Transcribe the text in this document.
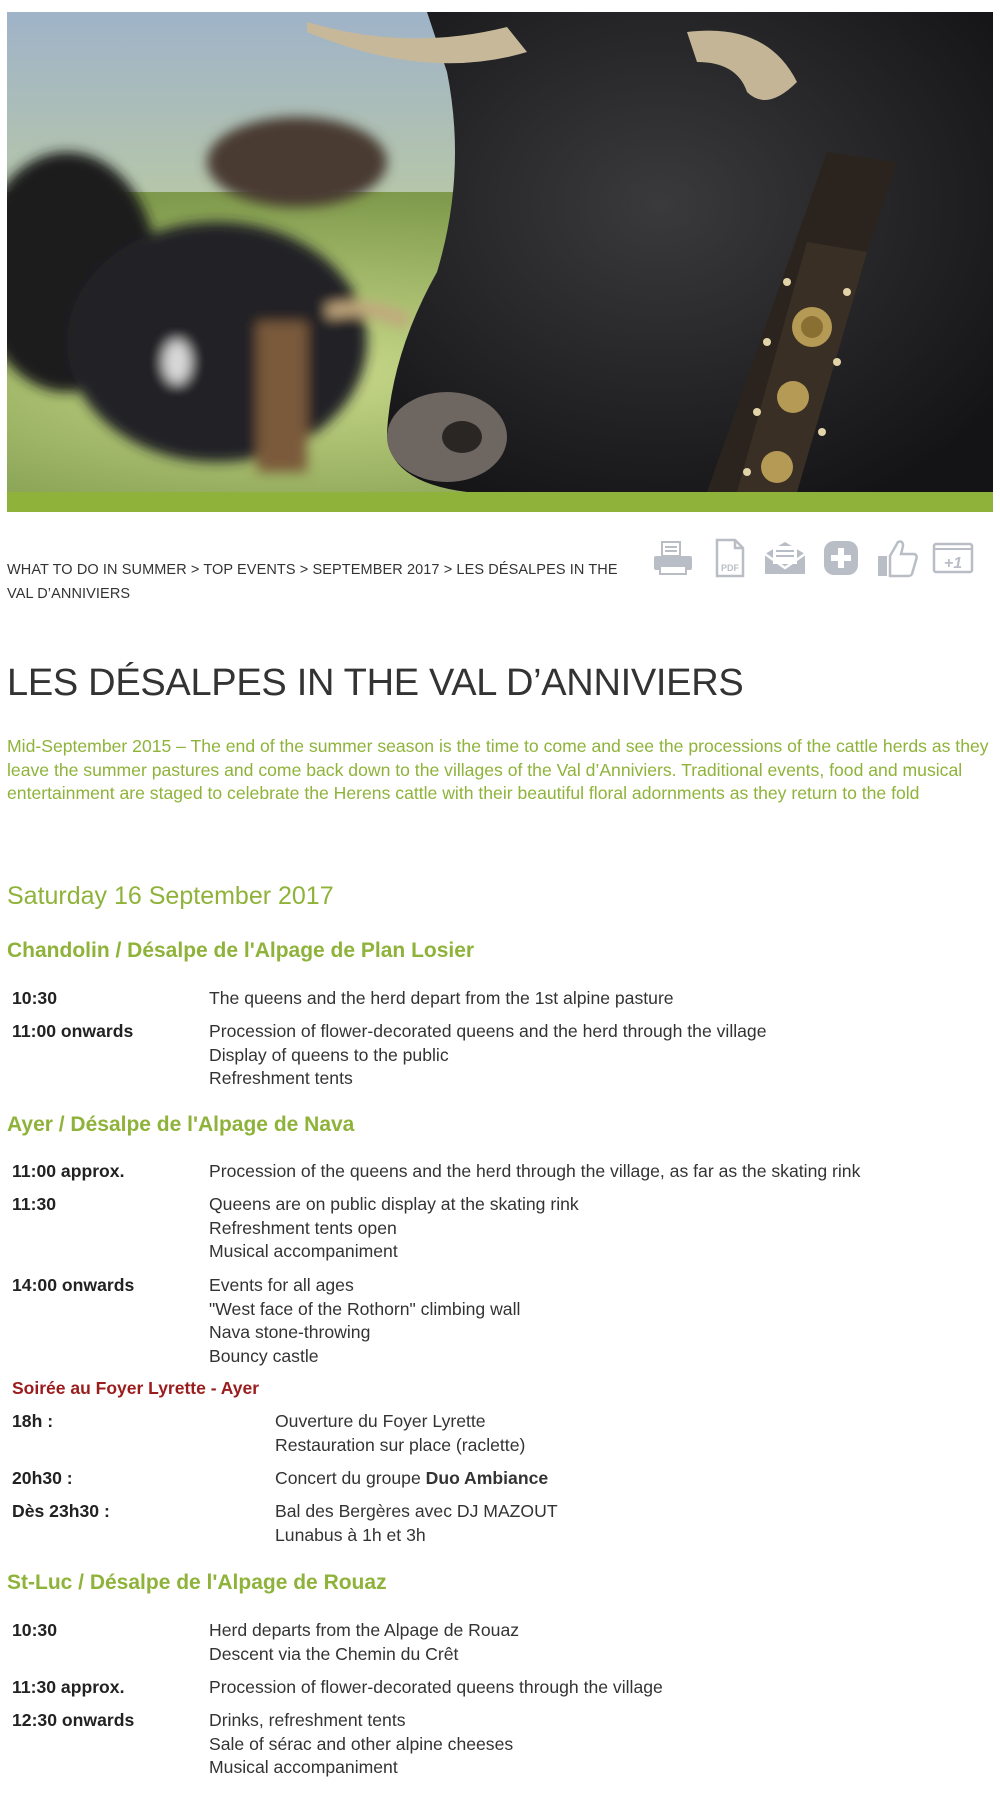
WHAT TO DO IN SUMMER > TOP EVENTS > SEPTEMBER 2017 > LES DÉSALPES IN THE VAL D’ANNIVIERS
PDF	+1
LES DÉSALPES IN THE VAL D’ANNIVIERS

Mid-September 2015 – The end of the summer season is the time to come and see the processions of the cattle herds as they leave the summer pastures and come back down to the villages of the Val d’Anniviers. Traditional events, food and musical entertainment are staged to celebrate the Herens cattle with their beautiful floral adornments as they return to the fold

Saturday 16 September 2017
Chandolin / Désalpe de l'Alpage de Plan Losier
10:30	The queens and the herd depart from the 1st alpine pasture
11:00 onwards	Procession of flower-decorated queens and the herd through the village
Display of queens to the public
Refreshment tents
Ayer / Désalpe de l'Alpage de Nava
11:00 approx.	Procession of the queens and the herd through the village, as far as the skating rink
11:30	Queens are on public display at the skating rink
Refreshment tents open
Musical accompaniment
14:00 onwards	Events for all ages
"West face of the Rothorn" climbing wall
Nava stone-throwing
Bouncy castle
Soirée au Foyer Lyrette - Ayer
18h :	Ouverture du Foyer Lyrette
Restauration sur place (raclette)
20h30 :	Concert du groupe Duo Ambiance
Dès 23h30 :	Bal des Bergères avec DJ MAZOUT
Lunabus à 1h et 3h
St-Luc / Désalpe de l'Alpage de Rouaz
10:30	Herd departs from the Alpage de Rouaz
Descent via the Chemin du Crêt
11:30 approx.	Procession of flower-decorated queens through the village
12:30 onwards	Drinks, refreshment tents
Sale of sérac and other alpine cheeses
Musical accompaniment
